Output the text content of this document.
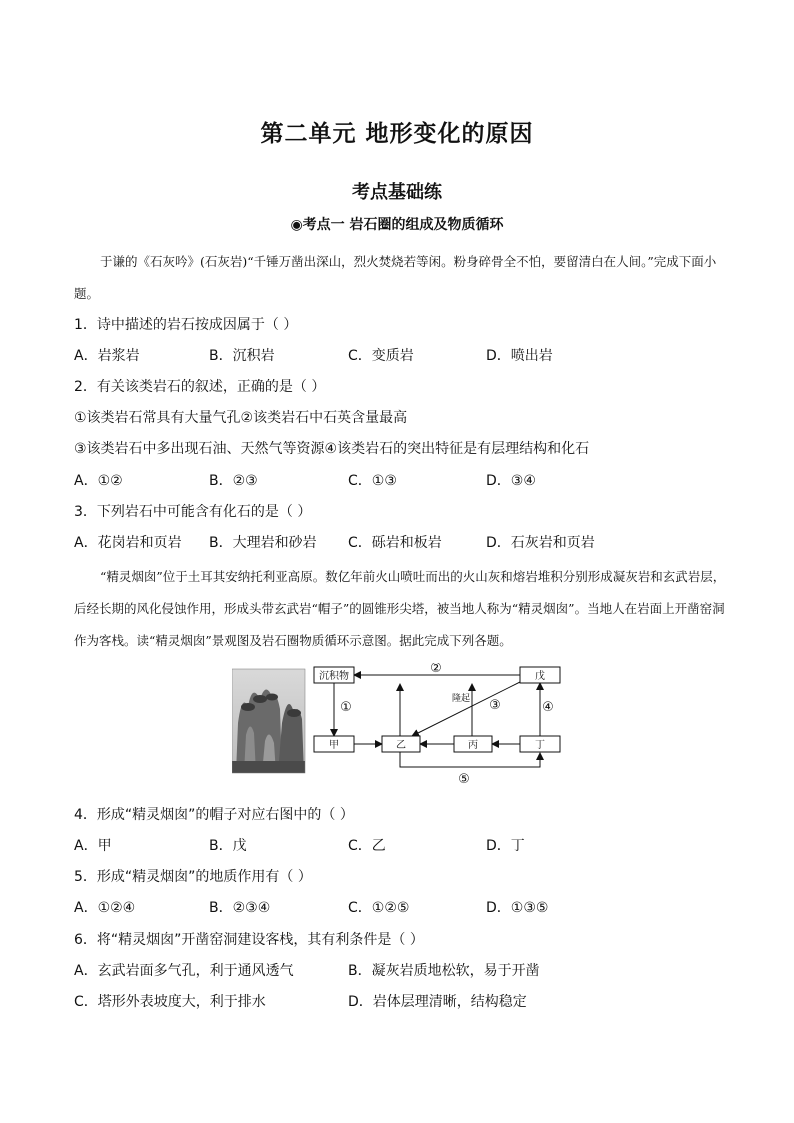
第二单元 地形变化的原因
考点基础练
◉考点一 岩石圈的组成及物质循环
于谦的《石灰吟》(石灰岩)“千锤万凿出深山，烈火焚烧若等闲。粉身碎骨全不怕，要留清白在人间。”完成下面小题。
1．诗中描述的岩石按成因属于（ ）
A．岩浆岩	B．沉积岩	C．变质岩	D．喷出岩
2．有关该类岩石的叙述，正确的是（ ）
①该类岩石常具有大量气孔②该类岩石中石英含量最高
③该类岩石中多出现石油、天然气等资源④该类岩石的突出特征是有层理结构和化石
A．①②	B．②③	C．①③	D．③④
3．下列岩石中可能含有化石的是（ ）
A．花岗岩和页岩 B．大理岩和砂岩 C．砾岩和板岩	D．石灰岩和页岩
“精灵烟囱”位于土耳其安纳托利亚高原。数亿年前火山喷吐而出的火山灰和熔岩堆积分别形成凝灰岩和玄武岩层，后经长期的风化侵蚀作用，形成头带玄武岩“帽子”的圆锥形尖塔，被当地人称为“精灵烟囱”。当地人在岩面上开凿窑洞作为客栈。读“精灵烟囱”景观图及岩石圈物质循环示意图。据此完成下列各题。
沉积物	戊
甲	乙	丙	丁
隆起
①
②
③	④
⑤
4．形成“精灵烟囱”的帽子对应右图中的（ ）
A．甲	B．戊	C．乙	D．丁
5．形成“精灵烟囱”的地质作用有（ ）
A．①②④	B．②③④	C．①②⑤	D．①③⑤
6．将“精灵烟囱”开凿窑洞建设客栈，其有利条件是（ ）
A．玄武岩面多气孔，利于通风透气	B．凝灰岩质地松软，易于开凿
C．塔形外表坡度大，利于排水	D．岩体层理清晰，结构稳定
